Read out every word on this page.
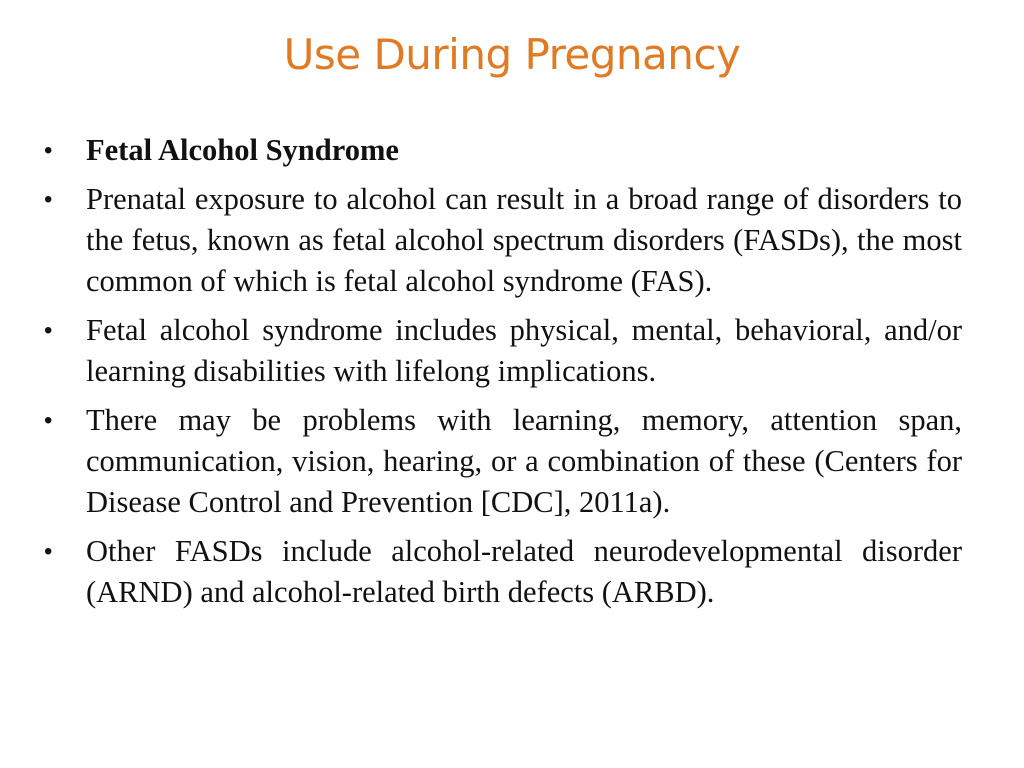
Use During Pregnancy
•	Fetal Alcohol Syndrome
•	Prenatal exposure to alcohol can result in a broad range of disorders to the fetus, known as fetal alcohol spectrum disorders (FASDs), the most common of which is fetal alcohol syndrome (FAS).
•	Fetal alcohol syndrome includes physical, mental, behavioral, and/or learning disabilities with lifelong implications.
•	There may be problems with learning, memory, attention span, communication, vision, hearing, or a combination of these (Centers for Disease Control and Prevention [CDC], 2011a).
•	Other FASDs include alcohol-related neurodevelopmental disorder (ARND) and alcohol-related birth defects (ARBD).
